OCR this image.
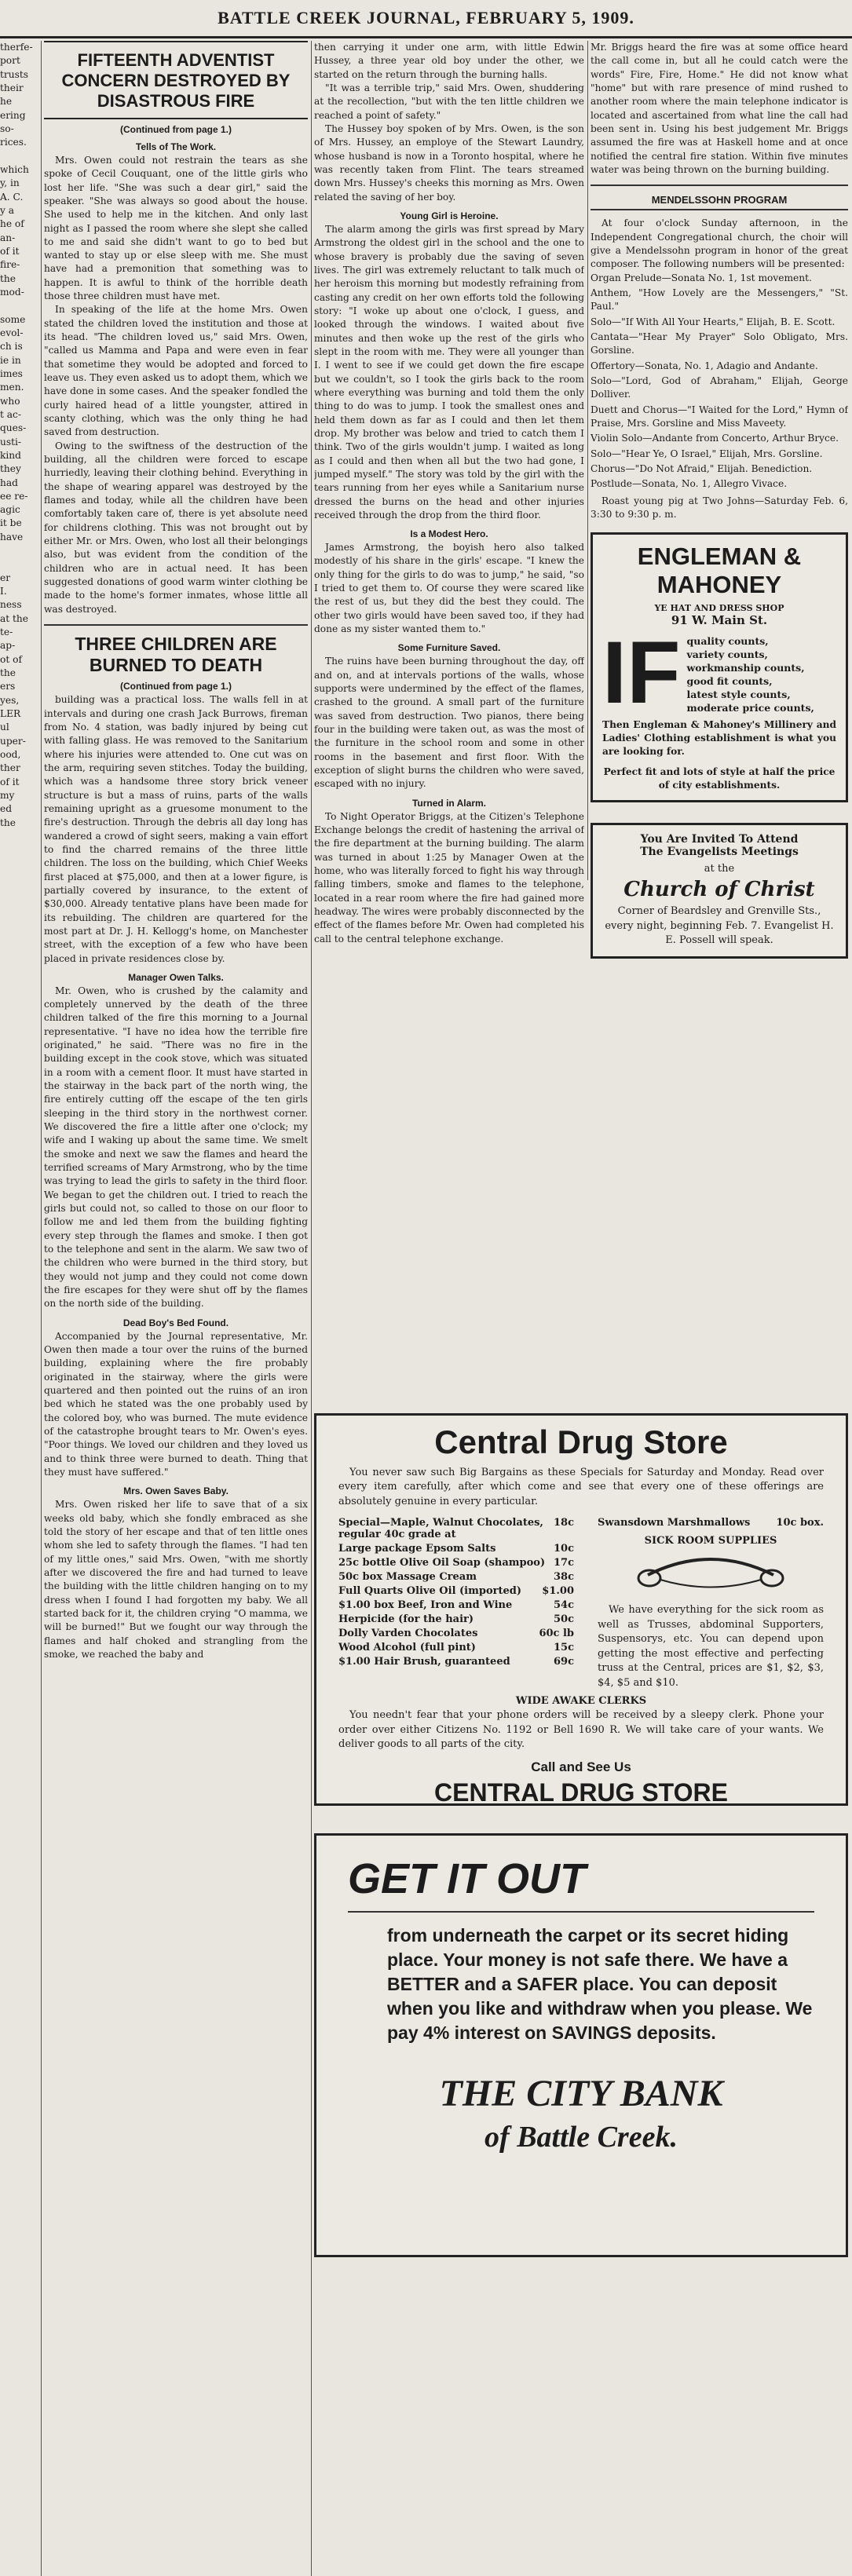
BATTLE CREEK JOURNAL, FEBRUARY 5, 1909.

therfe-

port

trusts

their

he

ering

so-

rices.

which

y, in

A. C.

y a

he of

an-

of it

fire-

the

mod-

some

evol-

ch is

ie in

imes

men.

who

t ac-

ques-

usti-

kind

they

had

ee re-

agic

it be

have

er

I.

ness

at the

te-

ap-

ot of

the

ers

yes,

LER

ul

uper-

ood,

ther

of it

my

ed

the

FIFTEENTH ADVENTIST CONCERN DESTROYED BY DISASTROUS FIRE
(Continued from page 1.)
Tells of The Work.

Mrs. Owen could not restrain the tears as she spoke of Cecil Couquant, one of the little girls who lost her life. "She was such a dear girl," said the speaker. "She was always so good about the house. She used to help me in the kitchen. And only last night as I passed the room where she slept she called to me and said she didn't want to go to bed but wanted to stay up or else sleep with me. She must have had a premonition that something was to happen. It is awful to think of the horrible death those three children must have met.

In speaking of the life at the home Mrs. Owen stated the children loved the institution and those at its head. "The children loved us," said Mrs. Owen, "called us Mamma and Papa and were even in fear that sometime they would be adopted and forced to leave us. They even asked us to adopt them, which we have done in some cases. And the speaker fondled the curly haired head of a little youngster, attired in scanty clothing, which was the only thing he had saved from destruction.

Owing to the swiftness of the destruction of the building, all the children were forced to escape hurriedly, leaving their clothing behind. Everything in the shape of wearing apparel was destroyed by the flames and today, while all the children have been comfortably taken care of, there is yet absolute need for childrens clothing. This was not brought out by either Mr. or Mrs. Owen, who lost all their belongings also, but was evident from the condition of the children who are in actual need. It has been suggested donations of good warm winter clothing be made to the home's former inmates, whose little all was destroyed.

THREE CHILDREN ARE BURNED TO DEATH
(Continued from page 1.)

building was a practical loss. The walls fell in at intervals and during one crash Jack Burrows, fireman from No. 4 station, was badly injured by being cut with falling glass. He was removed to the Sanitarium where his injuries were attended to. One cut was on the arm, requiring seven stitches. Today the building, which was a handsome three story brick veneer structure is but a mass of ruins, parts of the walls remaining upright as a gruesome monument to the fire's destruction. Through the debris all day long has wandered a crowd of sight seers, making a vain effort to find the charred remains of the three little children. The loss on the building, which Chief Weeks first placed at $75,000, and then at a lower figure, is partially covered by insurance, to the extent of $30,000. Already tentative plans have been made for its rebuilding. The children are quartered for the most part at Dr. J. H. Kellogg's home, on Manchester street, with the exception of a few who have been placed in private residences close by.

Manager Owen Talks.

Mr. Owen, who is crushed by the calamity and completely unnerved by the death of the three children talked of the fire this morning to a Journal representative. "I have no idea how the terrible fire originated," he said. "There was no fire in the building except in the cook stove, which was situated in a room with a cement floor. It must have started in the stairway in the back part of the north wing, the fire entirely cutting off the escape of the ten girls sleeping in the third story in the northwest corner. We discovered the fire a little after one o'clock; my wife and I waking up about the same time. We smelt the smoke and next we saw the flames and heard the terrified screams of Mary Armstrong, who by the time was trying to lead the girls to safety in the third floor. We began to get the children out. I tried to reach the girls but could not, so called to those on our floor to follow me and led them from the building fighting every step through the flames and smoke. I then got to the telephone and sent in the alarm. We saw two of the children who were burned in the third story, but they would not jump and they could not come down the fire escapes for they were shut off by the flames on the north side of the building.

Dead Boy's Bed Found.

Accompanied by the Journal representative, Mr. Owen then made a tour over the ruins of the burned building, explaining where the fire probably originated in the stairway, where the girls were quartered and then pointed out the ruins of an iron bed which he stated was the one probably used by the colored boy, who was burned. The mute evidence of the catastrophe brought tears to Mr. Owen's eyes. "Poor things. We loved our children and they loved us and to think three were burned to death. Thing that they must have suffered."

Mrs. Owen Saves Baby.

Mrs. Owen risked her life to save that of a six weeks old baby, which she fondly embraced as she told the story of her escape and that of ten little ones whom she led to safety through the flames. "I had ten of my little ones," said Mrs. Owen, "with me shortly after we discovered the fire and had turned to leave the building with the little children hanging on to my dress when I found I had forgotten my baby. We all started back for it, the children crying "O mamma, we will be burned!" But we fought our way through the flames and half choked and strangling from the smoke, we reached the baby and

then carrying it under one arm, with little Edwin Hussey, a three year old boy under the other, we started on the return through the burning halls.

"It was a terrible trip," said Mrs. Owen, shuddering at the recollection, "but with the ten little children we reached a point of safety."

The Hussey boy spoken of by Mrs. Owen, is the son of Mrs. Hussey, an employe of the Stewart Laundry, whose husband is now in a Toronto hospital, where he was recently taken from Flint. The tears streamed down Mrs. Hussey's cheeks this morning as Mrs. Owen related the saving of her boy.

Young Girl is Heroine.

The alarm among the girls was first spread by Mary Armstrong the oldest girl in the school and the one to whose bravery is probably due the saving of seven lives. The girl was extremely reluctant to talk much of her heroism this morning but modestly refraining from casting any credit on her own efforts told the following story: "I woke up about one o'clock, I guess, and looked through the windows. I waited about five minutes and then woke up the rest of the girls who slept in the room with me. They were all younger than I. I went to see if we could get down the fire escape but we couldn't, so I took the girls back to the room where everything was burning and told them the only thing to do was to jump. I took the smallest ones and held them down as far as I could and then let them drop. My brother was below and tried to catch them I think. Two of the girls wouldn't jump. I waited as long as I could and then when all but the two had gone, I jumped myself." The story was told by the girl with the tears running from her eyes while a Sanitarium nurse dressed the burns on the head and other injuries received through the drop from the third floor.

Is a Modest Hero.

James Armstrong, the boyish hero also talked modestly of his share in the girls' escape. "I knew the only thing for the girls to do was to jump," he said, "so I tried to get them to. Of course they were scared like the rest of us, but they did the best they could. The other two girls would have been saved too, if they had done as my sister wanted them to."

Some Furniture Saved.

The ruins have been burning throughout the day, off and on, and at intervals portions of the walls, whose supports were undermined by the effect of the flames, crashed to the ground. A small part of the furniture was saved from destruction. Two pianos, there being four in the building were taken out, as was the most of the furniture in the school room and some in other rooms in the basement and first floor. With the exception of slight burns the children who were saved, escaped with no injury.

Turned in Alarm.

To Night Operator Briggs, at the Citizen's Telephone Exchange belongs the credit of hastening the arrival of the fire department at the burning building. The alarm was turned in about 1:25 by Manager Owen at the home, who was literally forced to fight his way through falling timbers, smoke and flames to the telephone, located in a rear room where the fire had gained more headway. The wires were probably disconnected by the effect of the flames before Mr. Owen had completed his call to the central telephone exchange.

Mr. Briggs heard the fire was at some office heard the call come in, but all he could catch were the words" Fire, Fire, Home." He did not know what "home" but with rare presence of mind rushed to another room where the main telephone indicator is located and ascertained from what line the call had been sent in. Using his best judgement Mr. Briggs assumed the fire was at Haskell home and at once notified the central fire station. Within five minutes water was being thrown on the burning building.

MENDELSSOHN PROGRAM

At four o'clock Sunday afternoon, in the Independent Congregational church, the choir will give a Mendelssohn program in honor of the great composer. The following numbers will be presented:

Organ Prelude—Sonata No. 1, 1st movement.

Anthem, "How Lovely are the Messengers," "St. Paul."

Solo—"If With All Your Hearts," Elijah, B. E. Scott.

Cantata—"Hear My Prayer" Solo Obligato, Mrs. Gorsline.

Offertory—Sonata, No. 1, Adagio and Andante.

Solo—"Lord, God of Abraham," Elijah, George Dolliver.

Duett and Chorus—"I Waited for the Lord," Hymn of Praise, Mrs. Gorsline and Miss Maveety.

Violin Solo—Andante from Concerto, Arthur Bryce.

Solo—"Hear Ye, O Israel," Elijah, Mrs. Gorsline.

Chorus—"Do Not Afraid," Elijah. Benediction.

Postlude—Sonata, No. 1, Allegro Vivace.

Roast young pig at Two Johns—Saturday Feb. 6, 3:30 to 9:30 p. m.

ENGLEMAN &
MAHONEY
YE HAT AND DRESS SHOP
91 W. Main St.
IF quality counts,
variety counts,
workmanship counts,
good fit counts,
latest style counts,
moderate price counts,

Then Engleman & Mahoney's Millinery and Ladies' Clothing establishment is what you are looking for.

Perfect fit and lots of style at half the price of city establishments.

You Are Invited To Attend
The Evangelists Meetings
at the
Church of Christ

Corner of Beardsley and Grenville Sts., every night, beginning Feb. 7. Evangelist H. E. Possell will speak.

Central Drug Store

You never saw such Big Bargains as these Specials for Saturday and Monday. Read over every item carefully, after which come and see that every one of these offerings are absolutely genuine in every particular.

Special—Maple, Walnut Chocolates, regular 40c grade at
18c
Large package Epsom Salts	10c
25c bottle Olive Oil Soap (shampoo) 17c
50c box Massage Cream	38c
Full Quarts Olive Oil (imported) $1.00
$1.00 box Beef, Iron and Wine	54c
Herpicide (for the hair)	50c
Dolly Varden Chocolates	60c lb
Wood Alcohol (full pint)	15c
$1.00 Hair Brush, guaranteed	69c
Swansdown Marshmallows	10c box.
SICK ROOM SUPPLIES

We have everything for the sick room as well as Trusses, abdominal Supporters, Suspensorys, etc. You can depend upon getting the most effective and perfecting truss at the Central, prices are $1, $2, $3, $4, $5 and $10.

WIDE AWAKE CLERKS

You needn't fear that your phone orders will be received by a sleepy clerk. Phone your order over either Citizens No. 1192 or Bell 1690 R. We will take care of your wants. We deliver goods to all parts of the city.

Call and See Us
CENTRAL DRUG STORE
GET IT OUT

from underneath the carpet or its secret hiding place. Your money is not safe there. We have a BETTER and a SAFER place. You can deposit when you like and withdraw when you please. We pay 4% interest on SAVINGS deposits.

THE CITY BANK
of Battle Creek.
